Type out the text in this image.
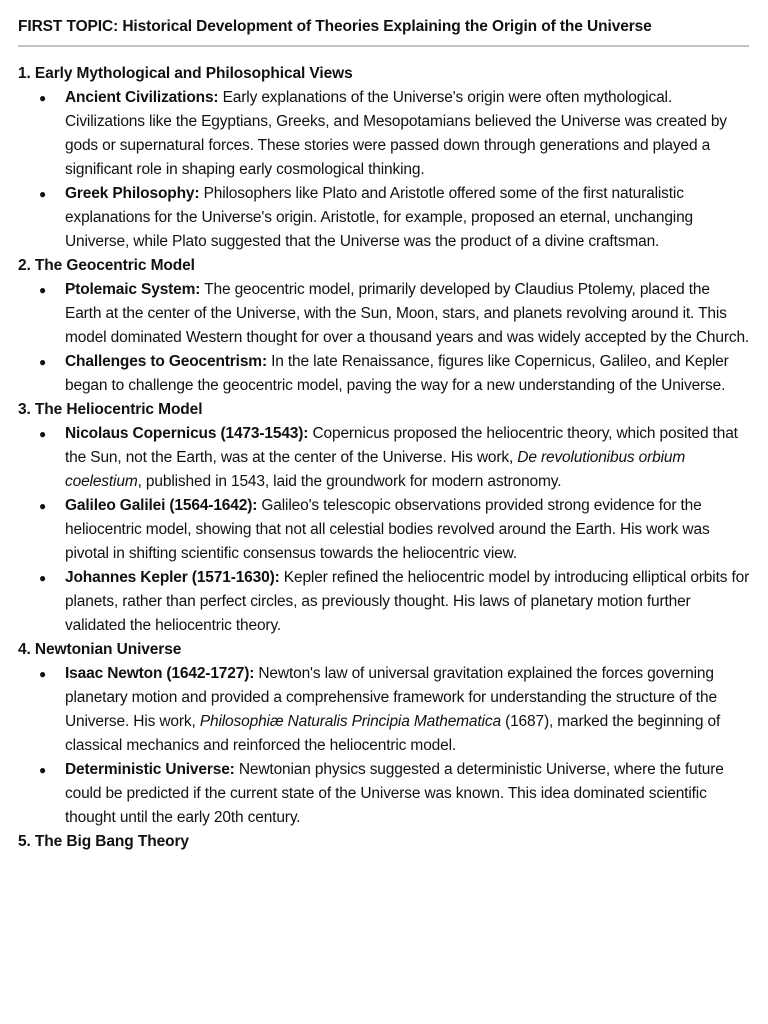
FIRST TOPIC: Historical Development of Theories Explaining the Origin of the Universe
1. Early Mythological and Philosophical Views
● Ancient Civilizations: Early explanations of the Universe's origin were often mythological. Civilizations like the Egyptians, Greeks, and Mesopotamians believed the Universe was created by gods or supernatural forces. These stories were passed down through generations and played a significant role in shaping early cosmological thinking.
● Greek Philosophy: Philosophers like Plato and Aristotle offered some of the first naturalistic explanations for the Universe's origin. Aristotle, for example, proposed an eternal, unchanging Universe, while Plato suggested that the Universe was the product of a divine craftsman.
2. The Geocentric Model
● Ptolemaic System: The geocentric model, primarily developed by Claudius Ptolemy, placed the Earth at the center of the Universe, with the Sun, Moon, stars, and planets revolving around it. This model dominated Western thought for over a thousand years and was widely accepted by the Church.
● Challenges to Geocentrism: In the late Renaissance, figures like Copernicus, Galileo, and Kepler began to challenge the geocentric model, paving the way for a new understanding of the Universe.
3. The Heliocentric Model
● Nicolaus Copernicus (1473-1543): Copernicus proposed the heliocentric theory, which posited that the Sun, not the Earth, was at the center of the Universe. His work, De revolutionibus orbium coelestium, published in 1543, laid the groundwork for modern astronomy.
● Galileo Galilei (1564-1642): Galileo's telescopic observations provided strong evidence for the heliocentric model, showing that not all celestial bodies revolved around the Earth. His work was pivotal in shifting scientific consensus towards the heliocentric view.
● Johannes Kepler (1571-1630): Kepler refined the heliocentric model by introducing elliptical orbits for planets, rather than perfect circles, as previously thought. His laws of planetary motion further validated the heliocentric theory.
4. Newtonian Universe
● Isaac Newton (1642-1727): Newton's law of universal gravitation explained the forces governing planetary motion and provided a comprehensive framework for understanding the structure of the Universe. His work, Philosophiæ Naturalis Principia Mathematica (1687), marked the beginning of classical mechanics and reinforced the heliocentric model.
● Deterministic Universe: Newtonian physics suggested a deterministic Universe, where the future could be predicted if the current state of the Universe was known. This idea dominated scientific thought until the early 20th century.
5. The Big Bang Theory
